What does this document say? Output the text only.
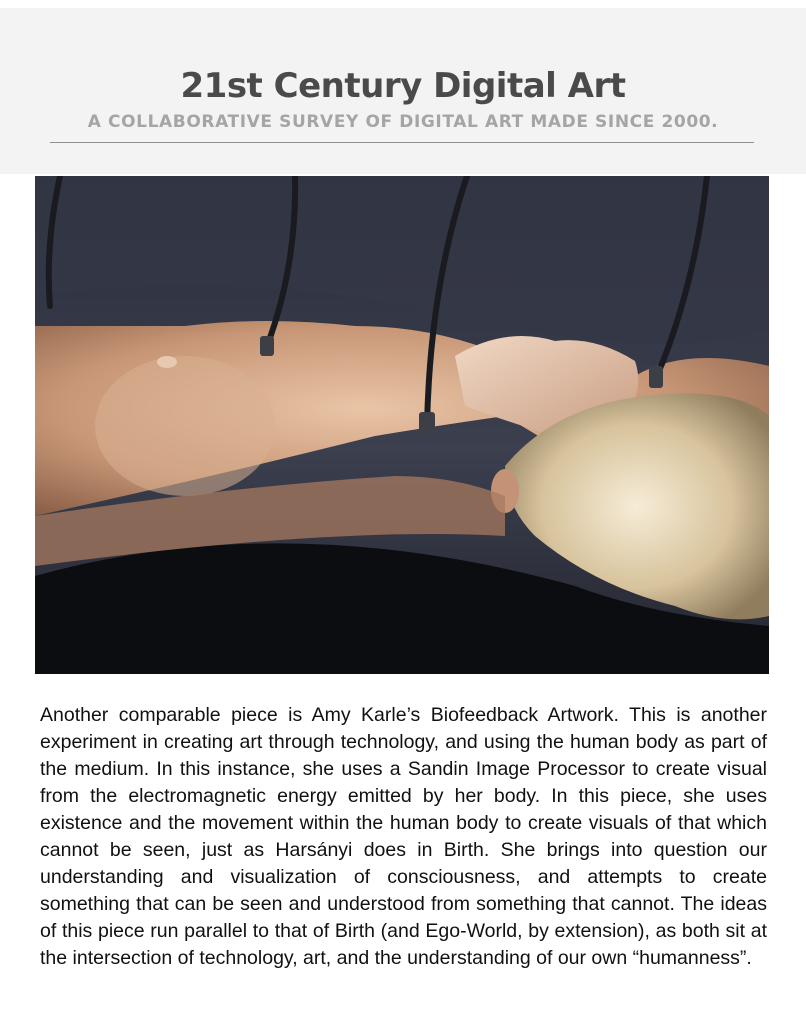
21st Century Digital Art
A COLLABORATIVE SURVEY OF DIGITAL ART MADE SINCE 2000.

Another comparable piece is Amy Karle’s Biofeedback Artwork. This is another experiment in creating art through technology, and using the human body as part of the medium. In this instance, she uses a Sandin Image Processor to create visual from the electromagnetic energy emitted by her body. In this piece, she uses existence and the movement within the human body to create visuals of that which cannot be seen, just as Harsányi does in Birth. She brings into question our understanding and visualization of consciousness, and attempts to create something that can be seen and understood from something that cannot. The ideas of this piece run parallel to that of Birth (and Ego-World, by extension), as both sit at the intersection of technology, art, and the understanding of our own “humanness”.
